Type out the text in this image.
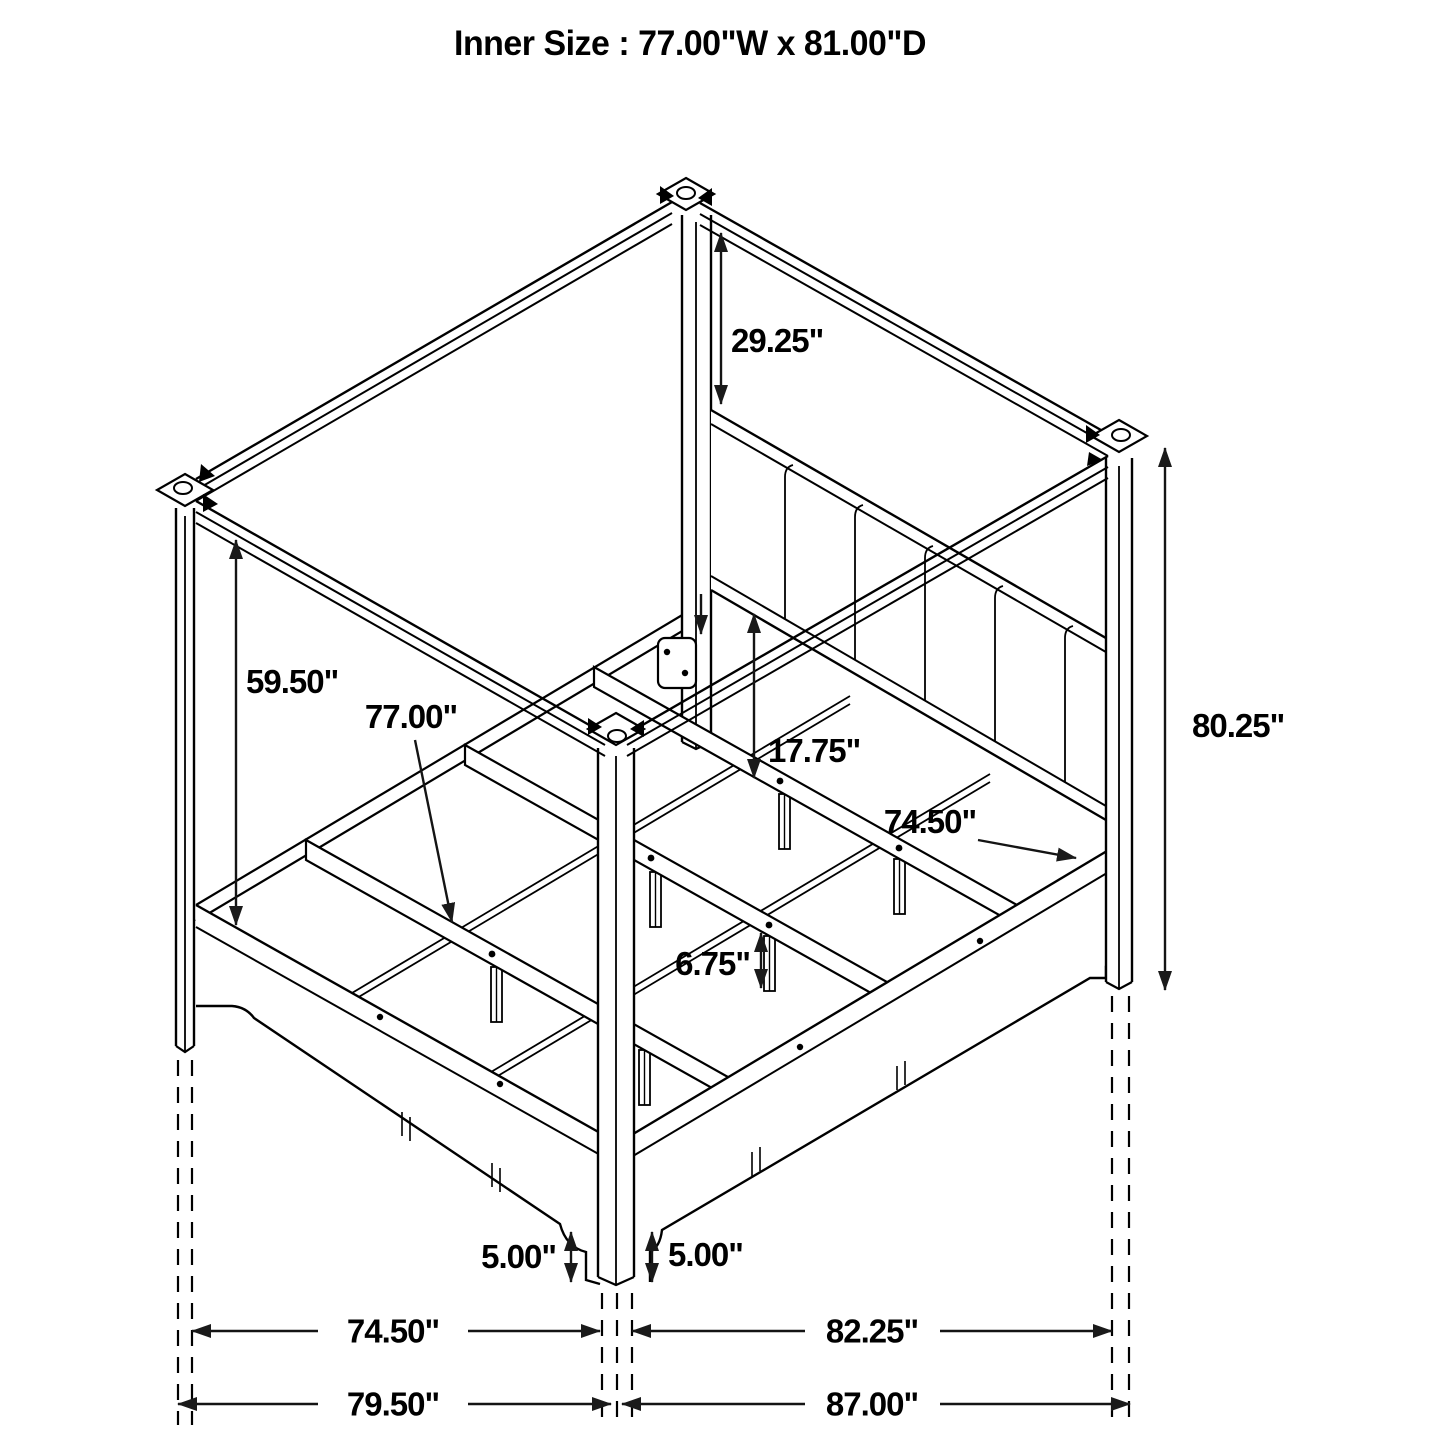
29.25"
59.50"
77.00"
17.75"
74.50"
80.25"
6.75"
5.00"	5.00"
74.50"	82.25"
79.50"	87.00"
Inner Size : 77.00"W x 81.00"D
